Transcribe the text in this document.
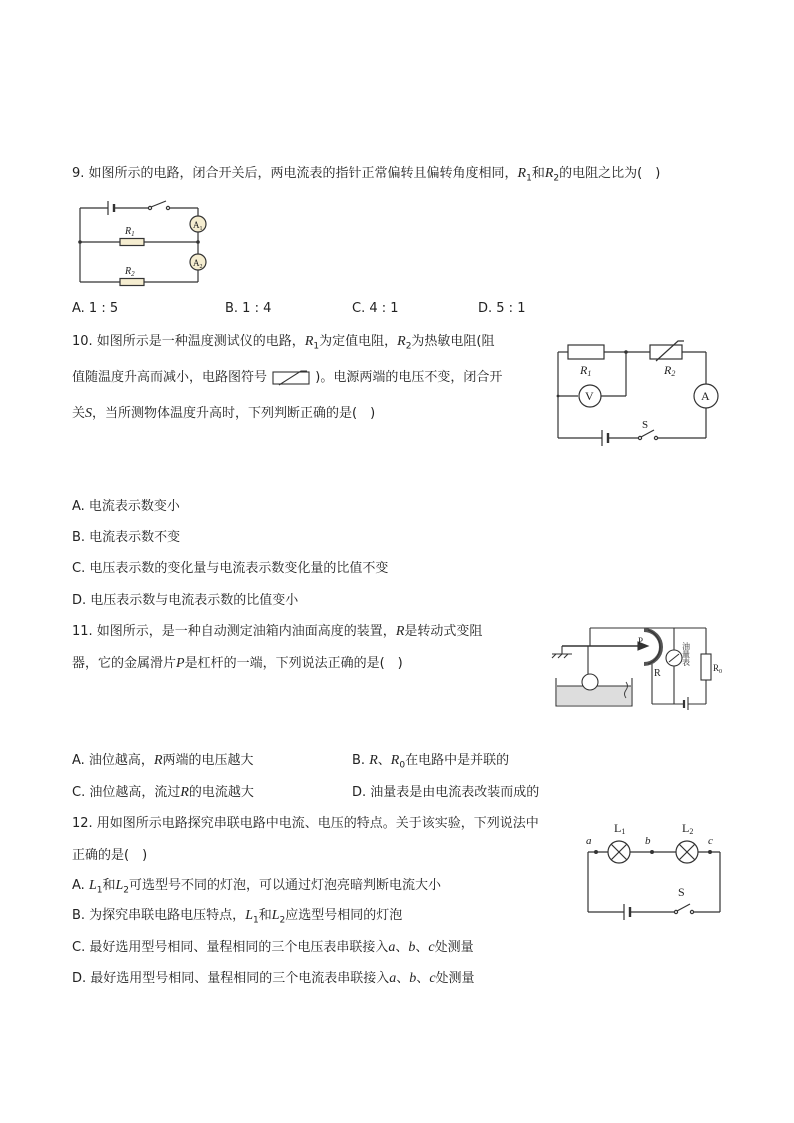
9. 如图所示的电路，闭合开关后，两电流表的指针正常偏转且偏转角度相同，$R_1$和$R_2$的电阻之比为(　)
$A_1$
$A_2$
$R_1$
$R_2$
A. 1 : 5	B. 1 : 4	C. 4 : 1	D. 5 : 1
10. 如图所示是一种温度测试仪的电路，$R_1$为定值电阻，$R_2$为热敏电阻(阻
值随温度升高而减小，电路图符号	)。电源两端的电压不变，闭合开
关S，当所测物体温度升高时，下列判断正确的是(　)
R1	R2
V	A
S
A. 电流表示数变小
B. 电流表示数不变
C. 电压表示数的变化量与电流表示数变化量的比值不变
D. 电压表示数与电流表示数的比值变小
11. 如图所示，是一种自动测定油箱内油面高度的装置，R是转动式变阻
器，它的金属滑片P是杠杆的一端，下列说法正确的是(　)
P
R
油量表
$R_0$
A. 油位越高，R两端的电压越大	B. R、$R_0$在电路中是并联的
C. 油位越高，流过R的电流越大	D. 油量表是由电流表改装而成的
12. 用如图所示电路探究串联电路中电流、电压的特点。关于该实验，下列说法中
正确的是(　)
A. $L_1$和$L_2$可选型号不同的灯泡，可以通过灯泡亮暗判断电流大小
B. 为探究串联电路电压特点，$L_1$和$L_2$应选型号相同的灯泡
C. 最好选用型号相同、量程相同的三个电压表串联接入a、b、c处测量
D. 最好选用型号相同、量程相同的三个电流表串联接入a、b、c处测量
a	b	c
L1	L2
S
